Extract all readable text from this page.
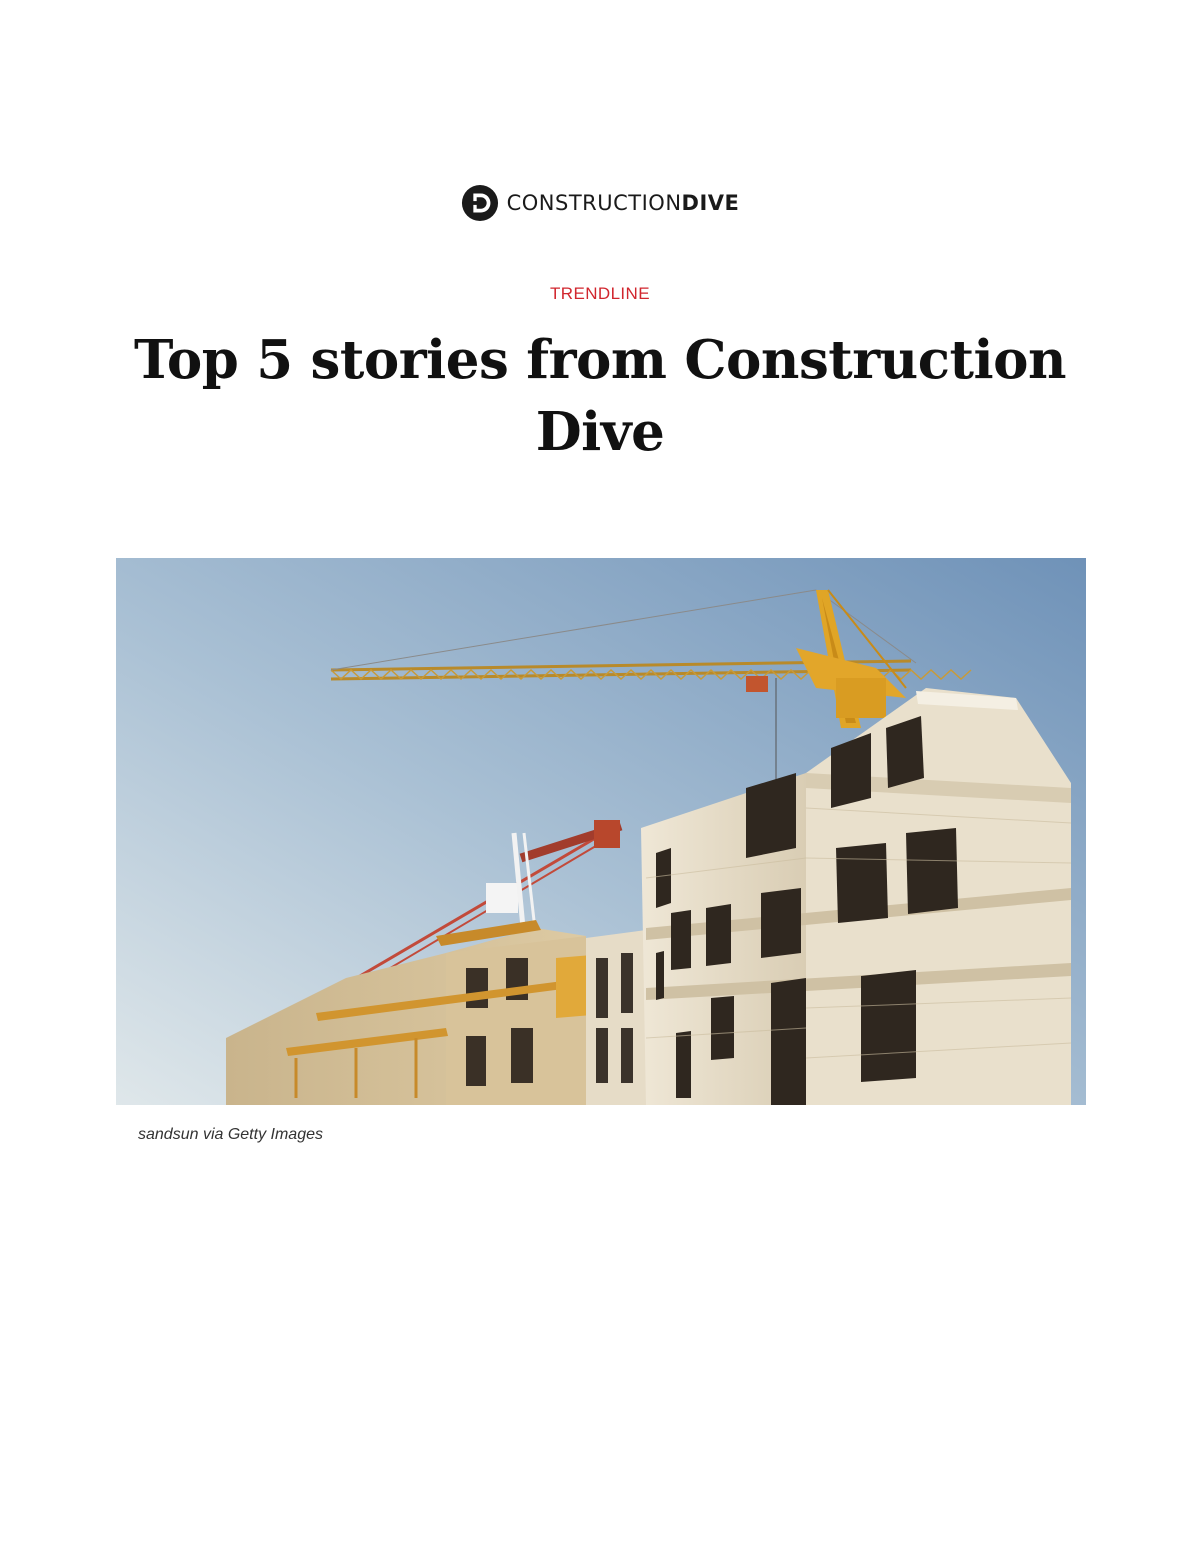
CONSTRUCTIONDIVE
TRENDLINE
Top 5 stories from Construction Dive
sandsun via Getty Images
